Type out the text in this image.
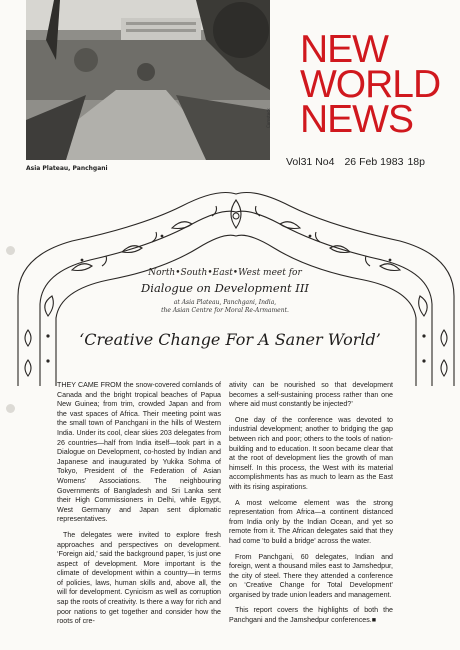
Asia Plateau, Panchgani
Comstock
NEW
WORLD
NEWS
Vol31 No4 26 Feb 1983 18p
North•South•East•West meet for
Dialogue on Development III
at Asia Plateau, Panchgani, India,
the Asian Centre for Moral Re-Armament.
‘Creative Change For A Saner World’

THEY CAME FROM the snow-covered cornlands of Canada and the bright tropical beaches of Papua New Guinea; from trim, crowded Japan and from the vast spaces of Africa. Their meeting point was the small town of Panchgani in the hills of Western India. Under its cool, clear skies 203 delegates from 26 countries—half from India itself—took part in a Dialogue on Development, co-hosted by Indian and Japanese and inaugurated by Yukika Sohma of Tokyo, President of the Federation of Asian Womens’ Associations. The neighbouring Governments of Bangladesh and Sri Lanka sent their High Commissioners in Delhi, while Egypt, West Germany and Japan sent diplomatic representatives.

The delegates were invited to explore fresh approaches and perspectives on development. ‘Foreign aid,’ said the background paper, ‘is just one aspect of development. More important is the climate of development within a country—in terms of policies, laws, human skills and, above all, the will for development. Cynicism as well as corruption sap the roots of creativity. Is there a way for rich and poor nations to get together and consider how the roots of cre-

ativity can be nourished so that development becomes a self-sustaining process rather than one where aid must constantly be injected?’

One day of the conference was devoted to industrial development; another to bridging the gap between rich and poor; others to the tools of nation-building and to education. It soon became clear that at the root of development lies the growth of man himself. In this process, the West with its material accomplishments has as much to learn as the East with its rising aspirations.

A most welcome element was the strong representation from Africa—a continent distanced from India only by the Indian Ocean, and yet so remote from it. The African delegates said that they had come ‘to build a bridge’ across the water.

From Panchgani, 60 delegates, Indian and foreign, went a thousand miles east to Jamshedpur, the city of steel. There they attended a conference on ‘Creative Change for Total Development’ organised by trade union leaders and management.

This report covers the highlights of both the Panchgani and the Jamshedpur conferences.■
